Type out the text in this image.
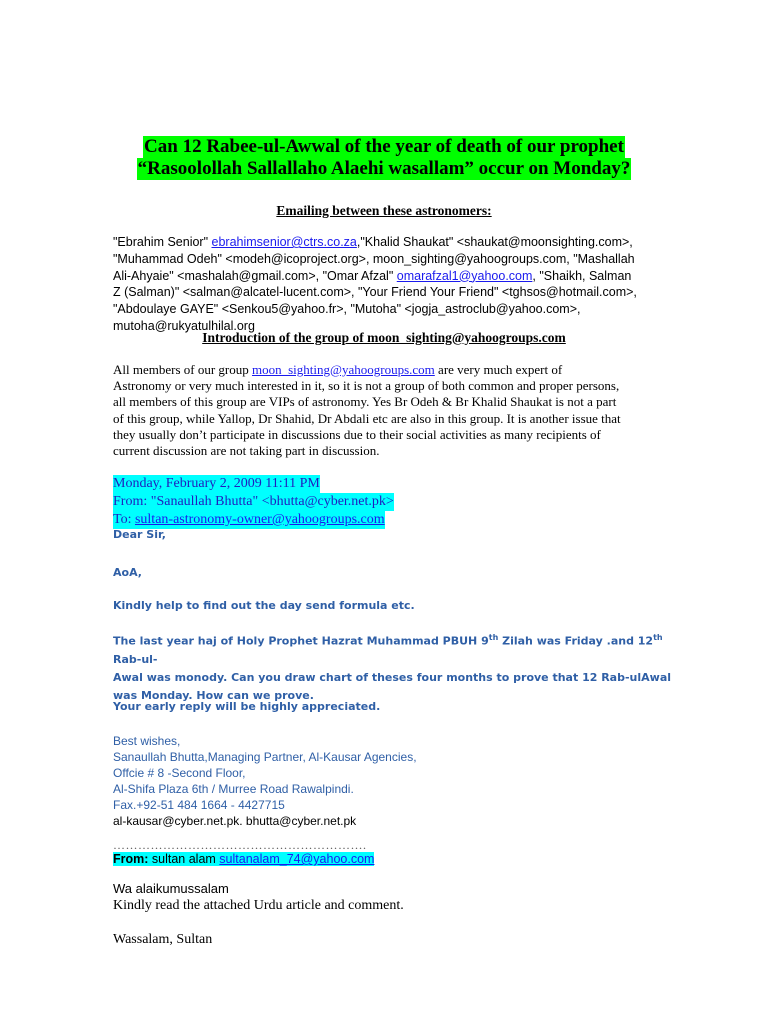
Can 12 Rabee-ul-Awwal of the year of death of our prophet
“Rasoolollah Sallallaho Alaehi wasallam” occur on Monday?
Emailing between these astronomers:
"Ebrahim Senior" ebrahimsenior@ctrs.co.za,"Khalid Shaukat" <shaukat@moonsighting.com>,
"Muhammad Odeh" <modeh@icoproject.org>, moon_sighting@yahoogroups.com, "Mashallah
Ali-Ahyaie" <mashalah@gmail.com>, "Omar Afzal" omarafzal1@yahoo.com, "Shaikh, Salman
Z (Salman)" <salman@alcatel-lucent.com>, "Your Friend Your Friend" <tghsos@hotmail.com>,
"Abdoulaye GAYE" <Senkou5@yahoo.fr>, "Mutoha" <jogja_astroclub@yahoo.com>,
mutoha@rukyatulhilal.org
Introduction of the group of moon_sighting@yahoogroups.com
All members of our group moon_sighting@yahoogroups.com are very much expert of
Astronomy or very much interested in it, so it is not a group of both common and proper persons,
all members of this group are VIPs of astronomy. Yes Br Odeh & Br Khalid Shaukat is not a part
of this group, while Yallop, Dr Shahid, Dr Abdali etc are also in this group. It is another issue that
they usually don’t participate in discussions due to their social activities as many recipients of
current discussion are not taking part in discussion.
Monday, February 2, 2009 11:11 PM
From: "Sanaullah Bhutta" <bhutta@cyber.net.pk>
To: sultan-astronomy-owner@yahoogroups.com
Dear Sir,
AoA,
Kindly help to find out the day send formula etc.
The last year haj of Holy Prophet Hazrat Muhammad PBUH 9th Zilah was Friday .and 12th Rab-ul-
Awal was monody. Can you draw chart of theses four months to prove that 12 Rab-ulAwal
was Monday. How can we prove.
Your early reply will be highly appreciated.
Best wishes,
Sanaullah Bhutta,Managing Partner, Al-Kausar Agencies,
Offcie # 8 -Second Floor,
Al-Shifa Plaza 6th / Murree Road Rawalpindi.
Fax.+92-51 484 1664 - 4427715
al-kausar@cyber.net.pk. bhutta@cyber.net.pk
…………………………………………………….
From: sultan alam sultanalam_74@yahoo.com
Wa alaikumussalam
Kindly read the attached Urdu article and comment.
Wassalam, Sultan
